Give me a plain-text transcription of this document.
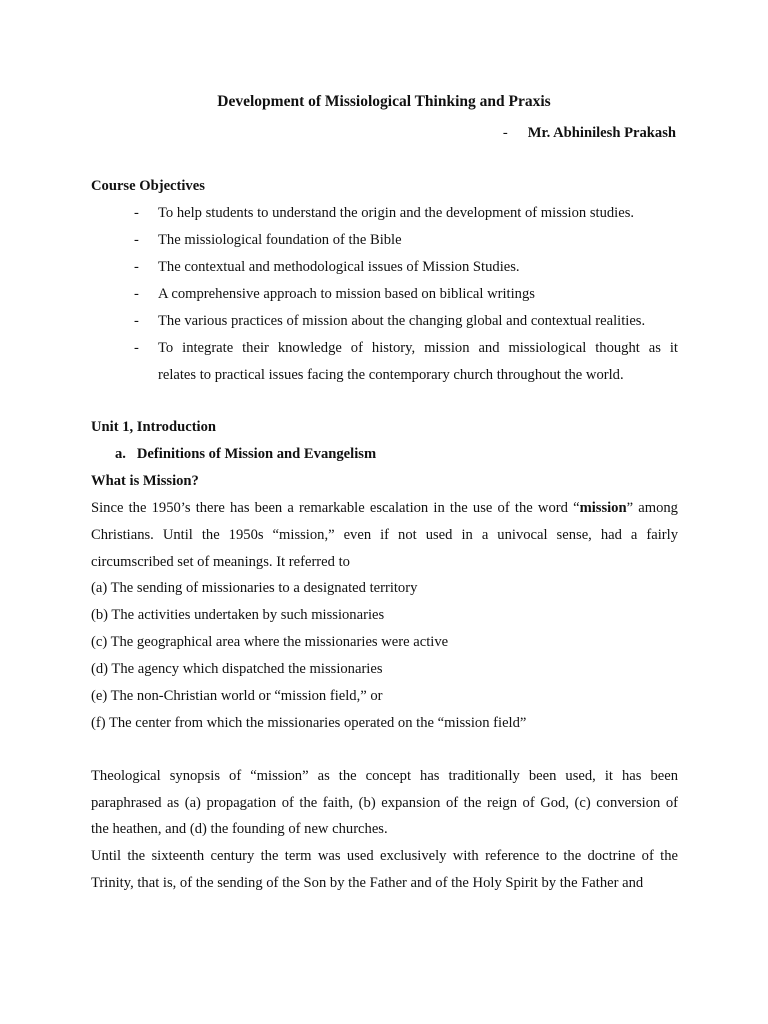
Development of Missiological Thinking and Praxis
- Mr. Abhinilesh Prakash
Course Objectives
- To help students to understand the origin and the development of mission studies.
- The missiological foundation of the Bible
- The contextual and methodological issues of Mission Studies.
- A comprehensive approach to mission based on biblical writings
- The various practices of mission about the changing global and contextual realities.
- To integrate their knowledge of history, mission and missiological thought as it
relates to practical issues facing the contemporary church throughout the world.
Unit 1, Introduction
a.   Definitions of Mission and Evangelism
What is Mission?
Since the 1950’s there has been a remarkable escalation in the use of the word “mission” among
Christians. Until the 1950s “mission,” even if not used in a univocal sense, had a fairly
circumscribed set of meanings. It referred to
(a) The sending of missionaries to a designated territory
(b) The activities undertaken by such missionaries
(c) The geographical area where the missionaries were active
(d) The agency which dispatched the missionaries
(e) The non-Christian world or “mission field,” or
(f) The center from which the missionaries operated on the “mission field”
Theological synopsis of “mission” as the concept has traditionally been used, it has been
paraphrased as (a) propagation of the faith, (b) expansion of the reign of God, (c) conversion of
the heathen, and (d) the founding of new churches.
Until the sixteenth century the term was used exclusively with reference to the doctrine of the
Trinity, that is, of the sending of the Son by the Father and of the Holy Spirit by the Father and
